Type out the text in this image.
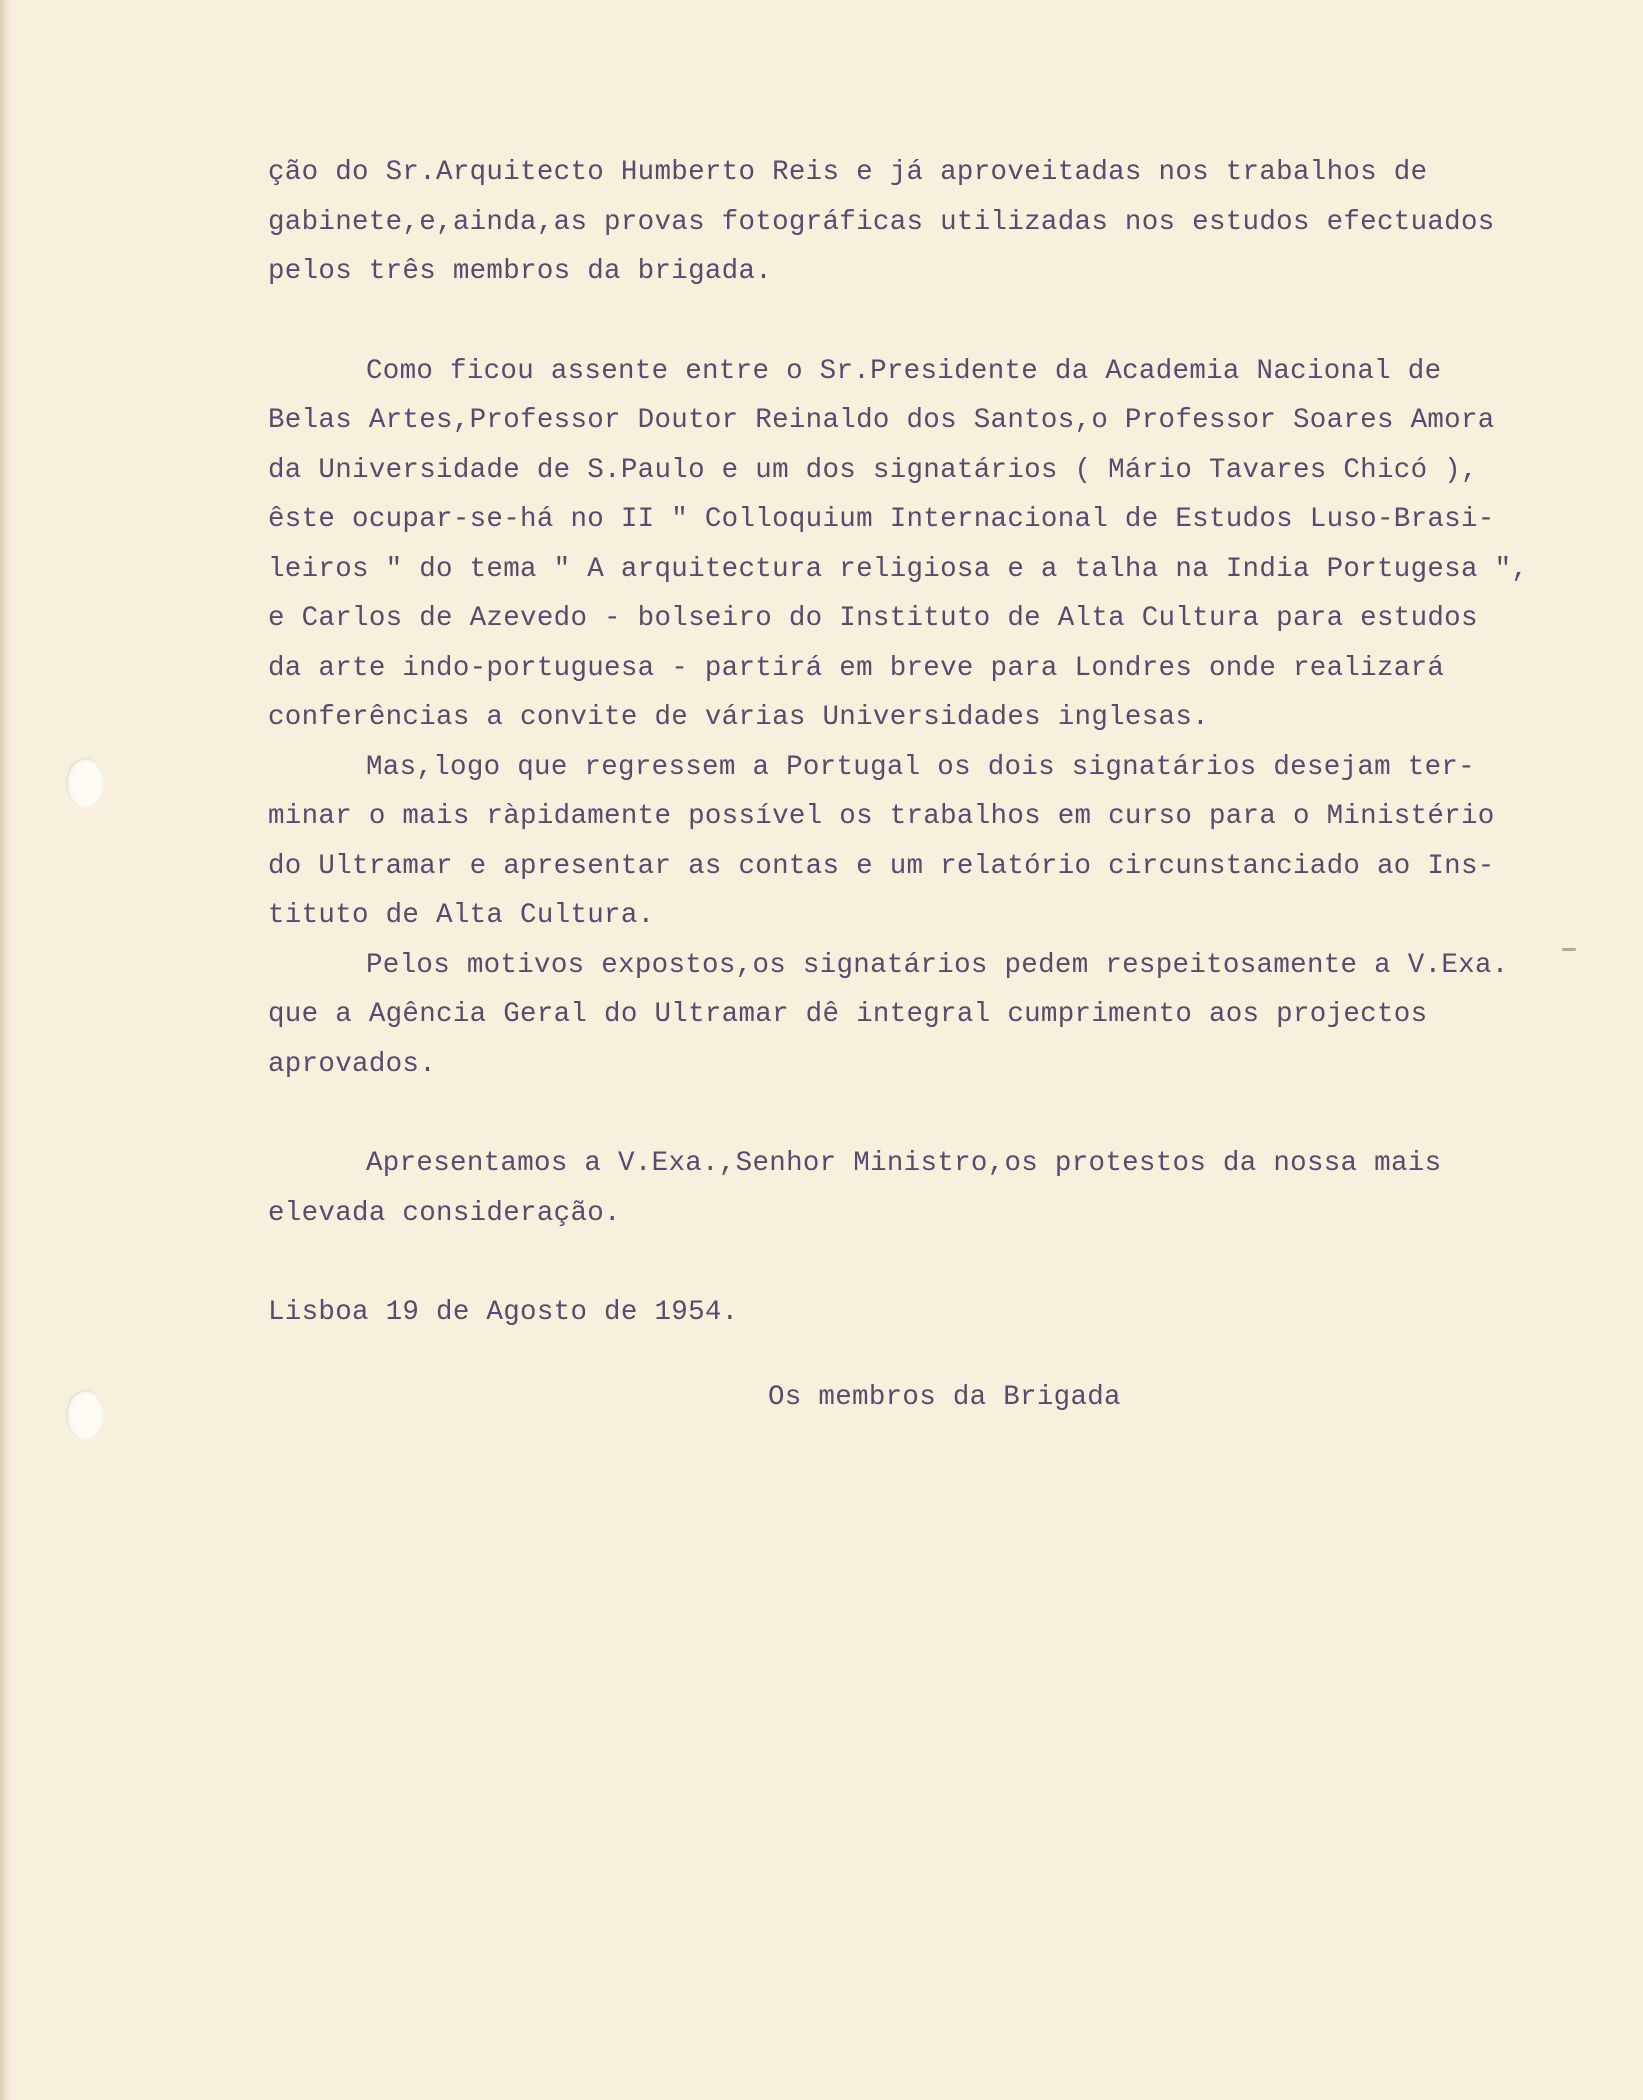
ção do Sr.Arquitecto Humberto Reis e já aproveitadas nos trabalhos de
gabinete,e,ainda,as provas fotográficas utilizadas nos estudos efectuados
pelos três membros da brigada.

Como ficou assente entre o Sr.Presidente da Academia Nacional de
Belas Artes,Professor Doutor Reinaldo dos Santos,o Professor Soares Amora
da Universidade de S.Paulo e um dos signatários ( Mário Tavares Chicó ),
êste ocupar-se-há no II " Colloquium Internacional de Estudos Luso-Brasi-
leiros " do tema " A arquitectura religiosa e a talha na India Portugesa ",
e Carlos de Azevedo - bolseiro do Instituto de Alta Cultura para estudos
da arte indo-portuguesa - partirá em breve para Londres onde realizará
conferências a convite de várias Universidades inglesas.

Mas,logo que regressem a Portugal os dois signatários desejam ter-
minar o mais ràpidamente possível os trabalhos em curso para o Ministério
do Ultramar e apresentar as contas e um relatório circunstanciado ao Ins-
tituto de Alta Cultura.

Pelos motivos expostos,os signatários pedem respeitosamente a V.Exa.
que a Agência Geral do Ultramar dê integral cumprimento aos projectos
aprovados.

Apresentamos a V.Exa.,Senhor Ministro,os protestos da nossa mais
elevada consideração.

Lisboa 19 de Agosto de 1954.

Os membros da Brigada
